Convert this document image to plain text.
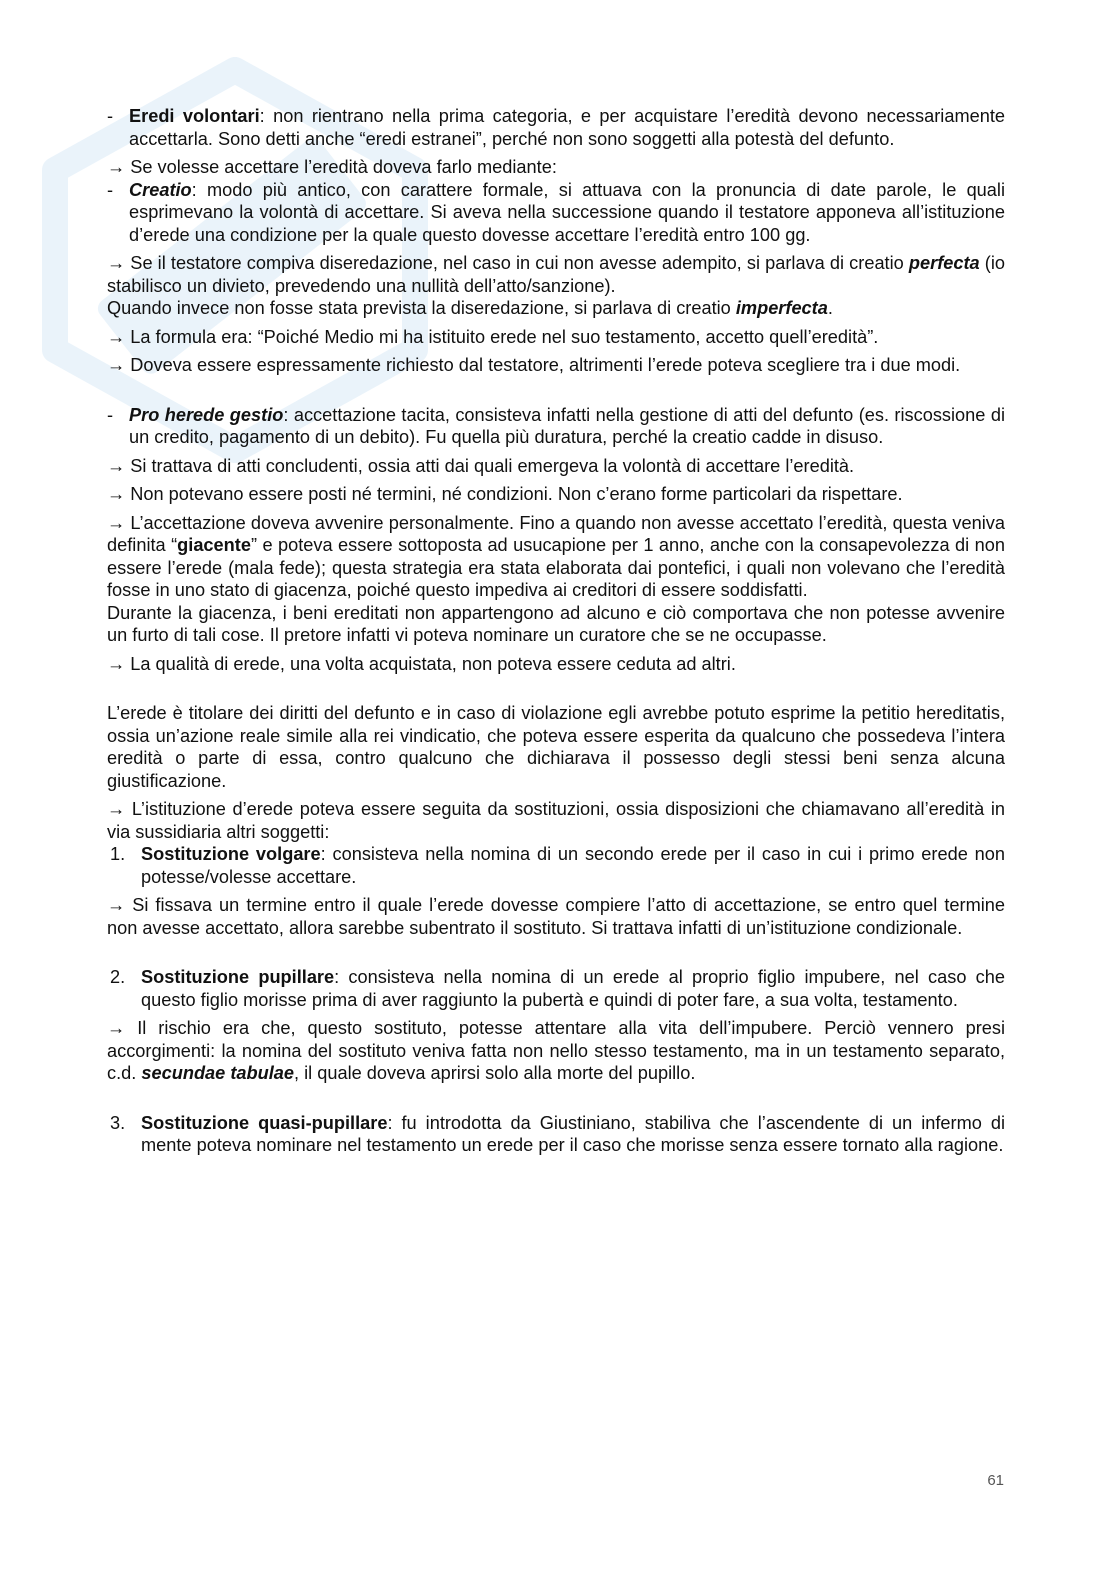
- Eredi volontari: non rientrano nella prima categoria, e per acquistare l’eredità devono necessariamente accettarla. Sono detti anche “eredi estranei”, perché non sono soggetti alla potestà del defunto.

→ Se volesse accettare l’eredità doveva farlo mediante:

- Creatio: modo più antico, con carattere formale, si attuava con la pronuncia di date parole, le quali esprimevano la volontà di accettare. Si aveva nella successione quando il testatore apponeva all’istituzione d’erede una condizione per la quale questo dovesse accettare l’eredità entro 100 gg.

→ Se il testatore compiva diseredazione, nel caso in cui non avesse adempito, si parlava di creatio perfecta (io stabilisco un divieto, prevedendo una nullità dell’atto/sanzione).

Quando invece non fosse stata prevista la diseredazione, si parlava di creatio imperfecta.

→ La formula era: “Poiché Medio mi ha istituito erede nel suo testamento, accetto quell’eredità”.

→ Doveva essere espressamente richiesto dal testatore, altrimenti l’erede poteva scegliere tra i due modi.

- Pro herede gestio: accettazione tacita, consisteva infatti nella gestione di atti del defunto (es. riscossione di un credito, pagamento di un debito). Fu quella più duratura, perché la creatio cadde in disuso.

→ Si trattava di atti concludenti, ossia atti dai quali emergeva la volontà di accettare l’eredità.

→ Non potevano essere posti né termini, né condizioni. Non c’erano forme particolari da rispettare.

→ L’accettazione doveva avvenire personalmente. Fino a quando non avesse accettato l’eredità, questa veniva definita “giacente” e poteva essere sottoposta ad usucapione per 1 anno, anche con la consapevolezza di non essere l’erede (mala fede); questa strategia era stata elaborata dai pontefici, i quali non volevano che l’eredità fosse in uno stato di giacenza, poiché questo impediva ai creditori di essere soddisfatti.

Durante la giacenza, i beni ereditati non appartengono ad alcuno e ciò comportava che non potesse avvenire un furto di tali cose. Il pretore infatti vi poteva nominare un curatore che se ne occupasse.

→ La qualità di erede, una volta acquistata, non poteva essere ceduta ad altri.

L’erede è titolare dei diritti del defunto e in caso di violazione egli avrebbe potuto esprime la petitio hereditatis, ossia un’azione reale simile alla rei vindicatio, che poteva essere esperita da qualcuno che possedeva l’intera eredità o parte di essa, contro qualcuno che dichiarava il possesso degli stessi beni senza alcuna giustificazione.

→ L’istituzione d’erede poteva essere seguita da sostituzioni, ossia disposizioni che chiamavano all’eredità in via sussidiaria altri soggetti:

1. Sostituzione volgare: consisteva nella nomina di un secondo erede per il caso in cui i primo erede non potesse/volesse accettare.

→ Si fissava un termine entro il quale l’erede dovesse compiere l’atto di accettazione, se entro quel termine non avesse accettato, allora sarebbe subentrato il sostituto. Si trattava infatti di un’istituzione condizionale.

2. Sostituzione pupillare: consisteva nella nomina di un erede al proprio figlio impubere, nel caso che questo figlio morisse prima di aver raggiunto la pubertà e quindi di poter fare, a sua volta, testamento.

→ Il rischio era che, questo sostituto, potesse attentare alla vita dell’impubere. Perciò vennero presi accorgimenti: la nomina del sostituto veniva fatta non nello stesso testamento, ma in un testamento separato, c.d. secundae tabulae, il quale doveva aprirsi solo alla morte del pupillo.

3. Sostituzione quasi-pupillare: fu introdotta da Giustiniano, stabiliva che l’ascendente di un infermo di mente poteva nominare nel testamento un erede per il caso che morisse senza essere tornato alla ragione.
61
